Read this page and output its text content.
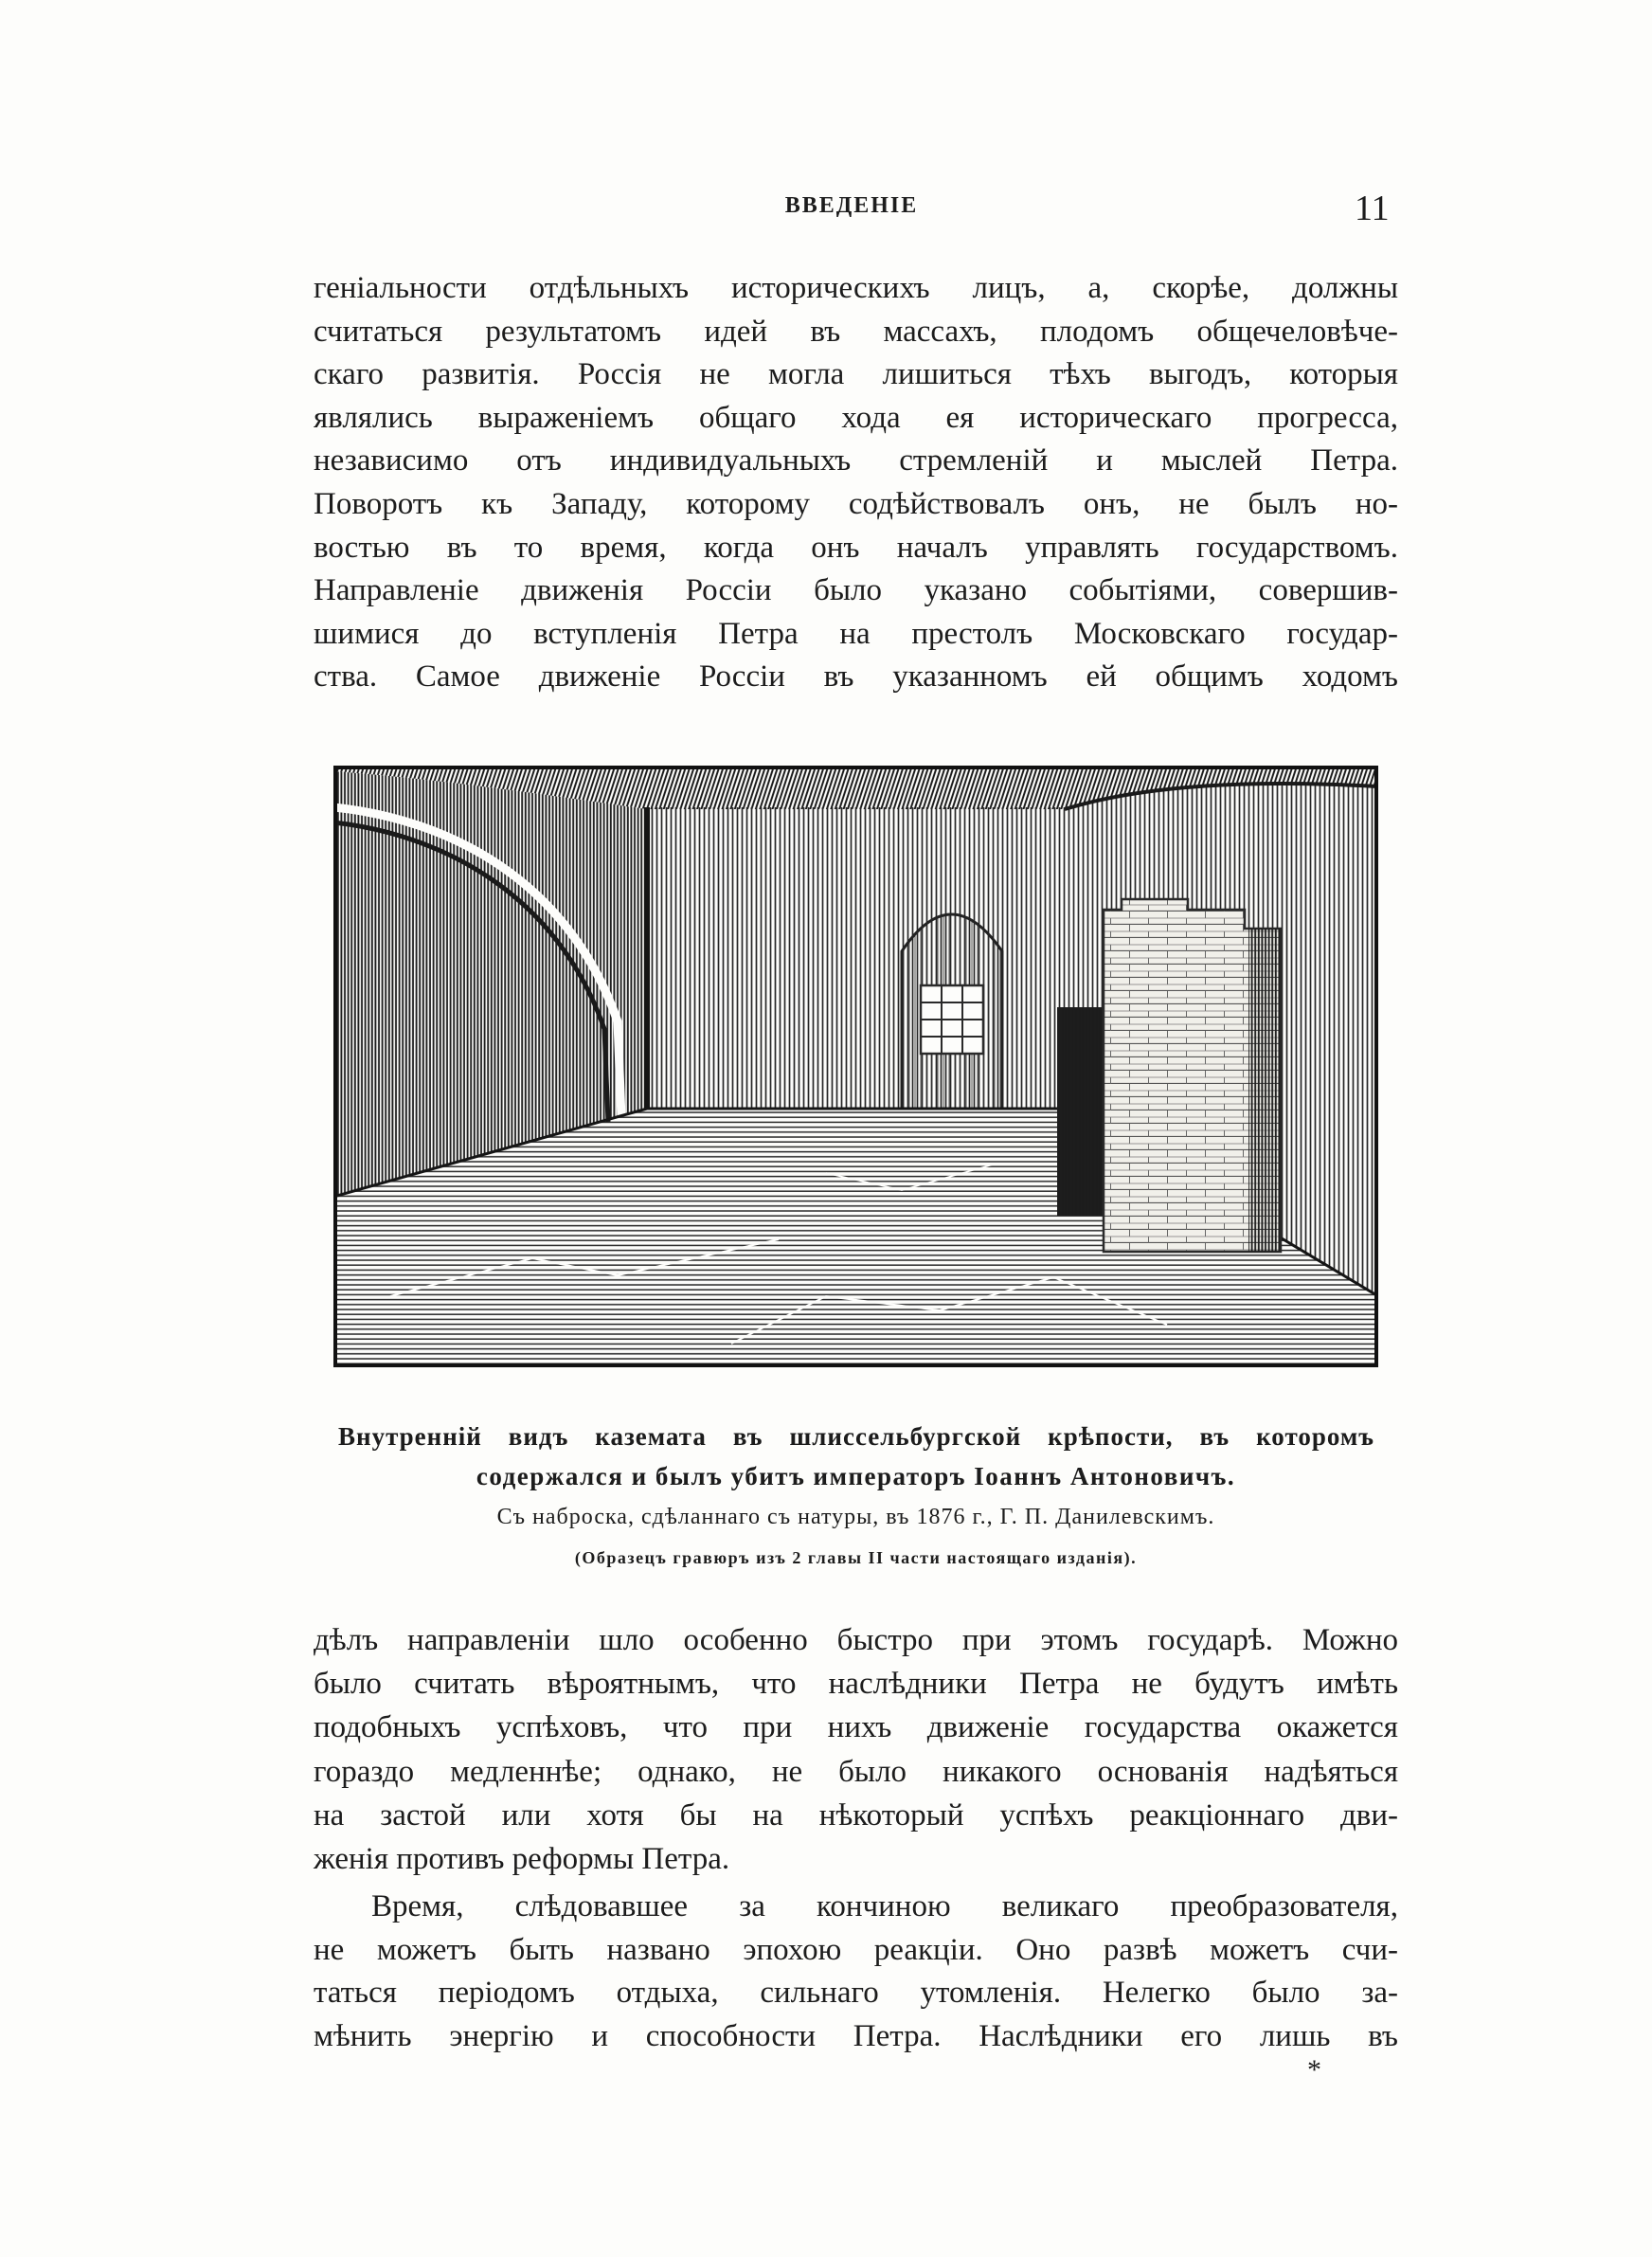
ВВЕДЕНІЕ	11
геніальности отдѣльныхъ историческихъ лицъ, а, скорѣе, должны
считаться результатомъ идей въ массахъ, плодомъ общечеловѣче-
скаго развитія. Россія не могла лишиться тѣхъ выгодъ, которыя
являлись выраженіемъ общаго хода ея историческаго прогресса,
независимо отъ индивидуальныхъ стремленій и мыслей Петра.
Поворотъ къ Западу, которому содѣйствовалъ онъ, не былъ но-
востью въ то время, когда онъ началъ управлять государствомъ.
Направленіе движенія Россіи было указано событіями, совершив-
шимися до вступленія Петра на престолъ Московскаго государ-
ства. Самое движеніе Россіи въ указанномъ ей общимъ ходомъ
Внутренній видъ каземата въ шлиссельбургской крѣпости, въ которомъ
содержался и былъ убитъ императоръ Іоаннъ Антоновичъ.
Съ наброска, сдѣланнаго съ натуры, въ 1876 г., Г. П. Данилевскимъ.
(Образецъ гравюръ изъ 2 главы II части настоящаго изданія).
дѣлъ направленіи шло особенно быстро при этомъ государѣ. Можно
было считать вѣроятнымъ, что наслѣдники Петра не будутъ имѣть
подобныхъ успѣховъ, что при нихъ движеніе государства окажется
гораздо медленнѣе; однако, не было никакого основанія надѣяться
на застой или хотя бы на нѣкоторый успѣхъ реакціоннаго дви-
женія противъ реформы Петра.
Время, слѣдовавшее за кончиною великаго преобразователя,
не можетъ быть названо эпохою реакціи. Оно развѣ можетъ счи-
таться періодомъ отдыха, сильнаго утомленія. Нелегко было за-
мѣнить энергію и способности Петра. Наслѣдники его лишь въ
*
